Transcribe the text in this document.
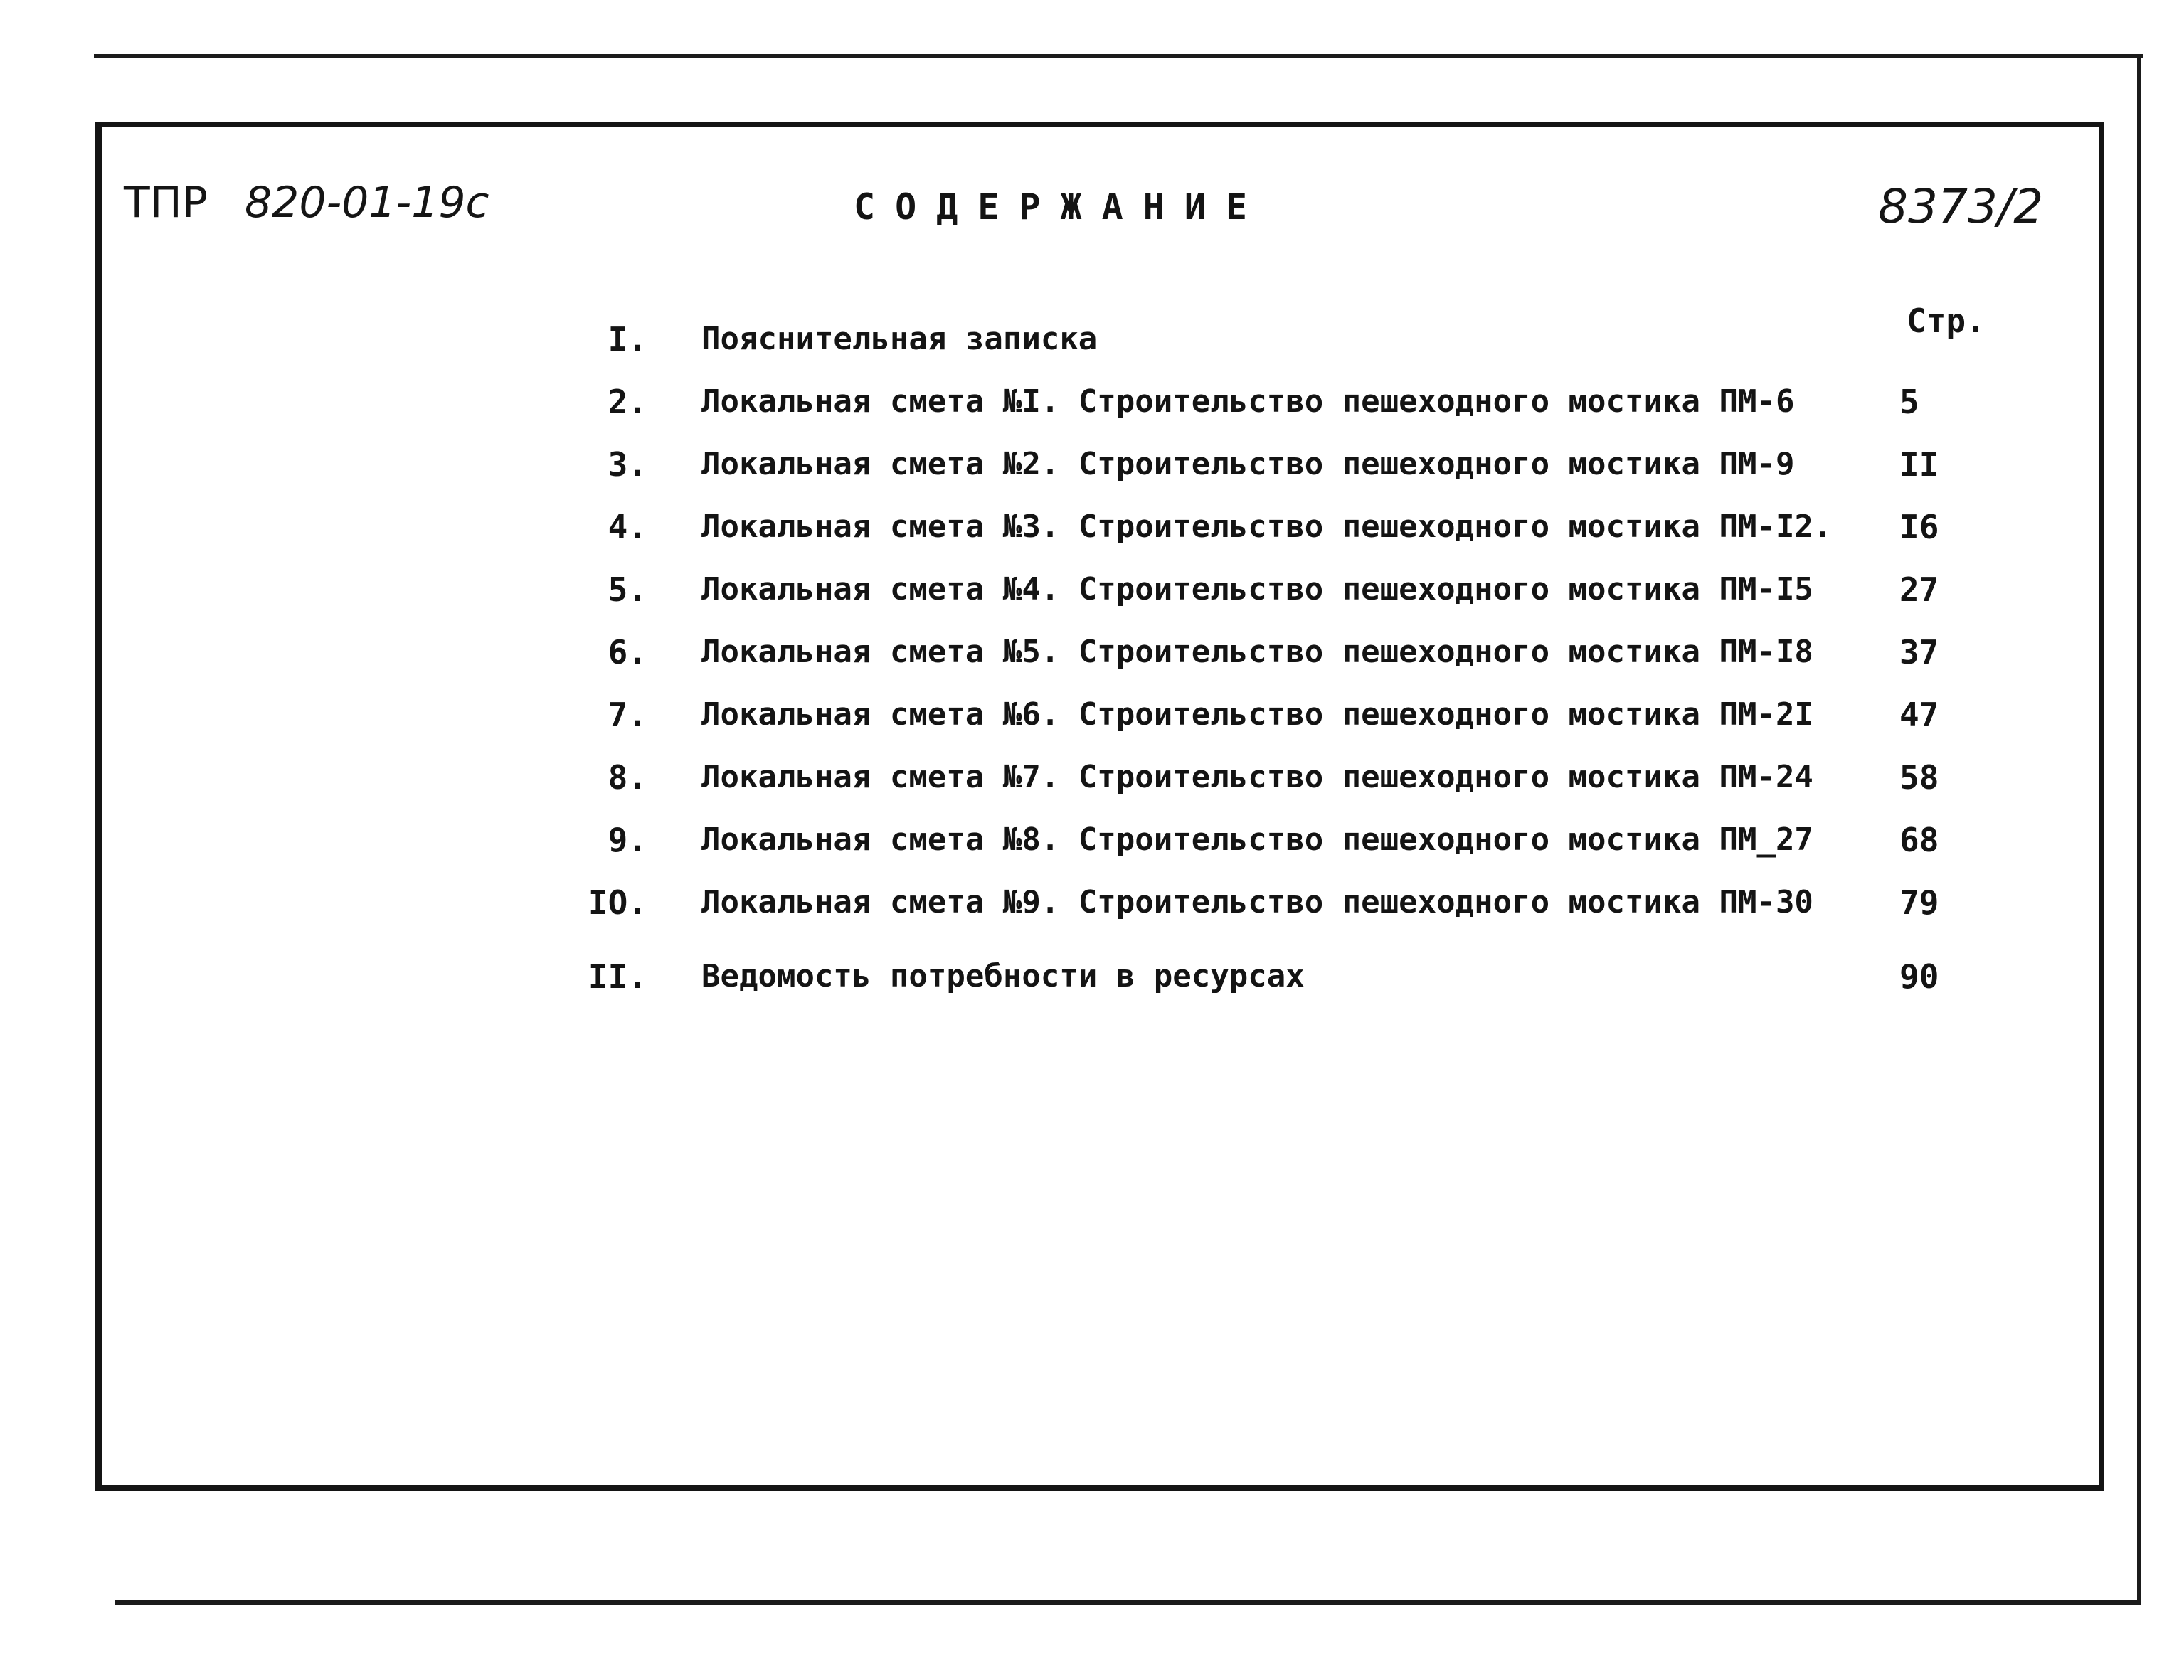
ТПР 820-01-19с	СОДЕРЖАНИЕ	8373/2
Стр.
I. Пояснительная записка
2. Локальная смета №I. Строительство пешеходного мостика ПМ-6	5
3. Локальная смета №2. Строительство пешеходного мостика ПМ-9	II
4. Локальная смета №3. Строительство пешеходного мостика ПМ-I2. I6
5. Локальная смета №4. Строительство пешеходного мостика ПМ-I5	27
6. Локальная смета №5. Строительство пешеходного мостика ПМ-I8	37
7. Локальная смета №6. Строительство пешеходного мостика ПМ-2I	47
8. Локальная смета №7. Строительство пешеходного мостика ПМ-24	58
9. Локальная смета №8. Строительство пешеходного мостика ПМ_27	68
IO. Локальная смета №9. Строительство пешеходного мостика ПМ-30	79
II. Ведомость потребности в ресурсах	90
